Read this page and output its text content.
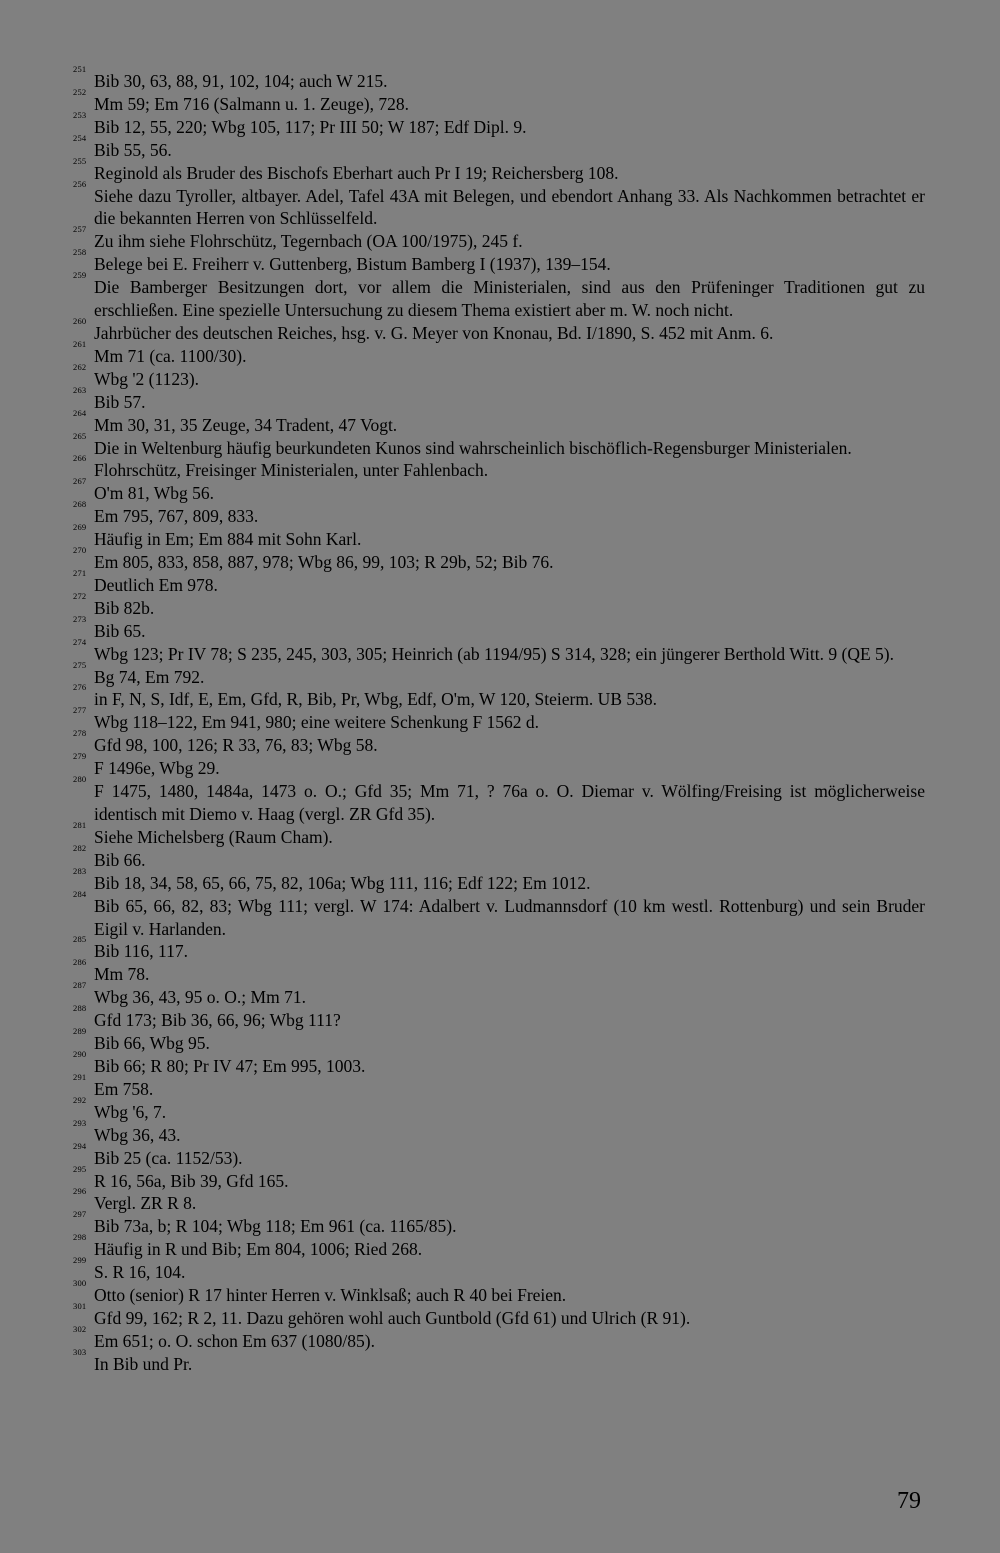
251
Bib 30, 63, 88, 91, 102, 104; auch W 215.
252
Mm 59; Em 716 (Salmann u. 1. Zeuge), 728.
253
Bib 12, 55, 220; Wbg 105, 117; Pr III 50; W 187; Edf Dipl. 9.
254
Bib 55, 56.
255
Reginold als Bruder des Bischofs Eberhart auch Pr I 19; Reichersberg 108.
256
Siehe dazu Tyroller, altbayer. Adel, Tafel 43A mit Belegen, und ebendort Anhang 33. Als Nachkommen betrachtet er die bekannten Herren von Schlüsselfeld.
257
Zu ihm siehe Flohrschütz, Tegernbach (OA 100/1975), 245 f.
258
Belege bei E. Freiherr v. Guttenberg, Bistum Bamberg I (1937), 139–154.
259
Die Bamberger Besitzungen dort, vor allem die Ministerialen, sind aus den Prüfeninger Traditionen gut zu erschließen. Eine spezielle Untersuchung zu diesem Thema existiert aber m. W. noch nicht.
260
Jahrbücher des deutschen Reiches, hsg. v. G. Meyer von Knonau, Bd. I/1890, S. 452 mit Anm. 6.
261
Mm 71 (ca. 1100/30).
262
Wbg '2 (1123).
263
Bib 57.
264
Mm 30, 31, 35 Zeuge, 34 Tradent, 47 Vogt.
265
Die in Weltenburg häufig beurkundeten Kunos sind wahrscheinlich bischöflich-Regensburger Ministerialen.
266
Flohrschütz, Freisinger Ministerialen, unter Fahlenbach.
267
O'm 81, Wbg 56.
268
Em 795, 767, 809, 833.
269
Häufig in Em; Em 884 mit Sohn Karl.
270
Em 805, 833, 858, 887, 978; Wbg 86, 99, 103; R 29b, 52; Bib 76.
271
Deutlich Em 978.
272
Bib 82b.
273
Bib 65.
274
Wbg 123; Pr IV 78; S 235, 245, 303, 305; Heinrich (ab 1194/95) S 314, 328; ein jüngerer Berthold Witt. 9 (QE 5).
275
Bg 74, Em 792.
276
in F, N, S, Idf, E, Em, Gfd, R, Bib, Pr, Wbg, Edf, O'm, W 120, Steierm. UB 538.
277
Wbg 118–122, Em 941, 980; eine weitere Schenkung F 1562 d.
278
Gfd 98, 100, 126; R 33, 76, 83; Wbg 58.
279
F 1496e, Wbg 29.
280
F 1475, 1480, 1484a, 1473 o. O.; Gfd 35; Mm 71, ? 76a o. O. Diemar v. Wölfing/Freising ist möglicherweise identisch mit Diemo v. Haag (vergl. ZR Gfd 35).
281
Siehe Michelsberg (Raum Cham).
282
Bib 66.
283
Bib 18, 34, 58, 65, 66, 75, 82, 106a; Wbg 111, 116; Edf 122; Em 1012.
284
Bib 65, 66, 82, 83; Wbg 111; vergl. W 174: Adalbert v. Ludmannsdorf (10 km westl. Rottenburg) und sein Bruder Eigil v. Harlanden.
285
Bib 116, 117.
286
Mm 78.
287
Wbg 36, 43, 95 o. O.; Mm 71.
288
Gfd 173; Bib 36, 66, 96; Wbg 111?
289
Bib 66, Wbg 95.
290
Bib 66; R 80; Pr IV 47; Em 995, 1003.
291
Em 758.
292
Wbg '6, 7.
293
Wbg 36, 43.
294
Bib 25 (ca. 1152/53).
295
R 16, 56a, Bib 39, Gfd 165.
296
Vergl. ZR R 8.
297
Bib 73a, b; R 104; Wbg 118; Em 961 (ca. 1165/85).
298
Häufig in R und Bib; Em 804, 1006; Ried 268.
299
S. R 16, 104.
300
Otto (senior) R 17 hinter Herren v. Winklsaß; auch R 40 bei Freien.
301
Gfd 99, 162; R 2, 11. Dazu gehören wohl auch Guntbold (Gfd 61) und Ulrich (R 91).
302
Em 651; o. O. schon Em 637 (1080/85).
303
In Bib und Pr.
79
